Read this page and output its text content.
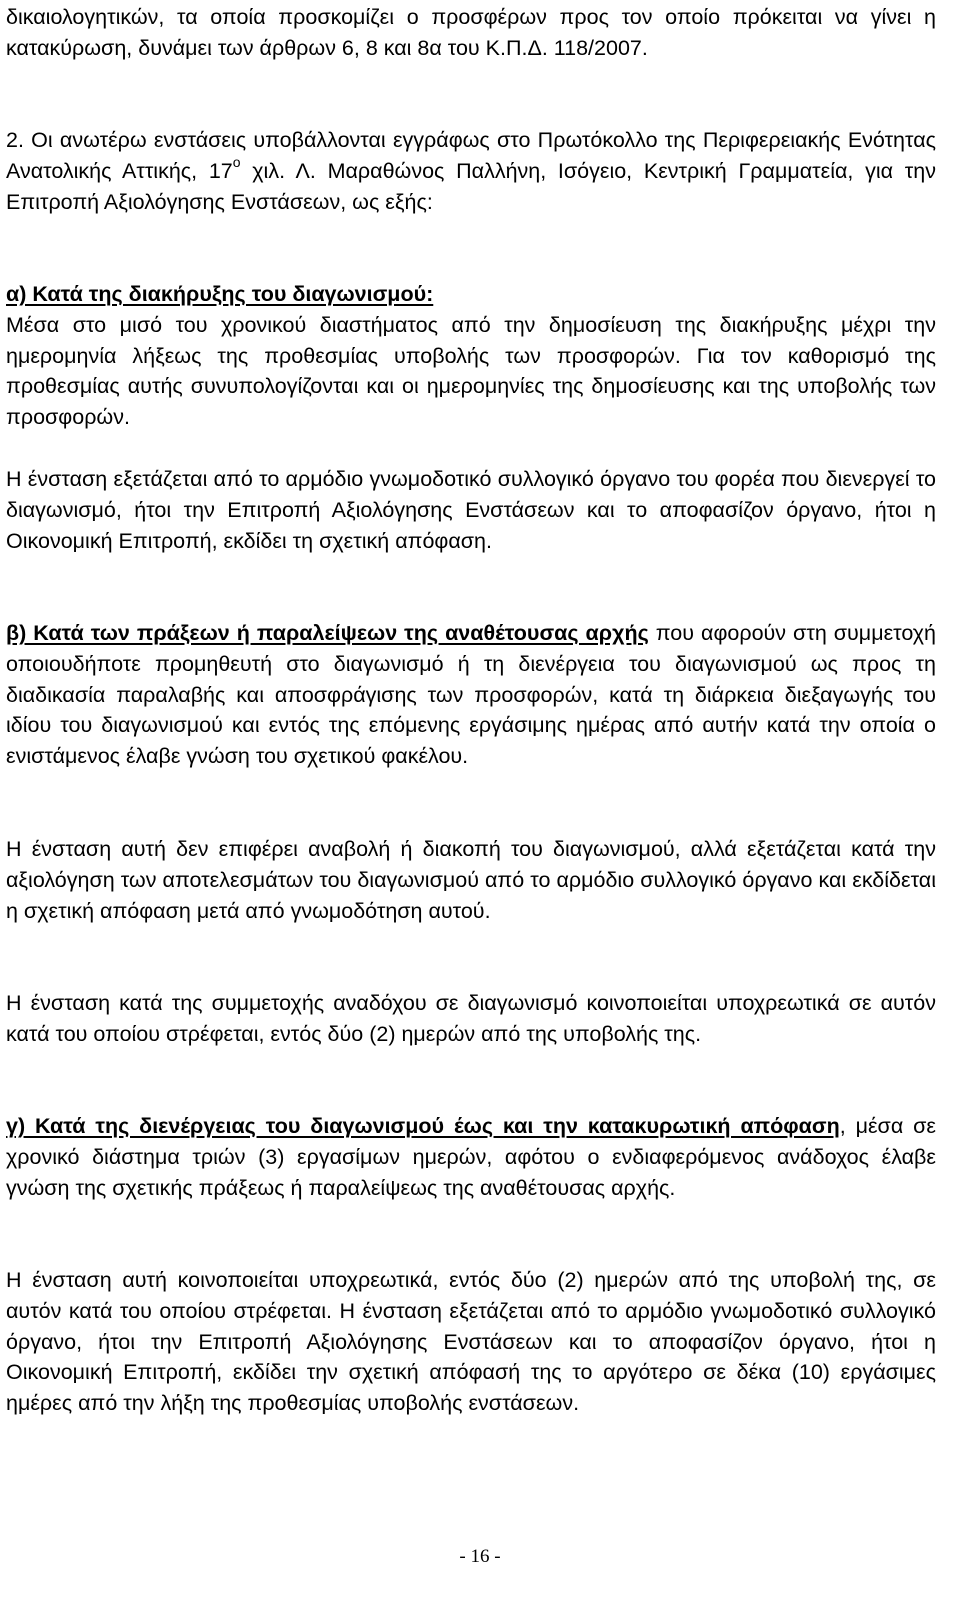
δικαιολογητικών, τα οποία προσκομίζει ο προσφέρων προς τον οποίο πρόκειται να γίνει η κατακύρωση, δυνάμει των άρθρων 6, 8 και 8α του Κ.Π.Δ. 118/2007.

2. Οι ανωτέρω ενστάσεις υποβάλλονται εγγράφως στο Πρωτόκολλο της Περιφερειακής Ενότητας Ανατολικής Αττικής, $17^o$ χιλ. Λ. Μαραθώνος Παλλήνη, Ισόγειο, Κεντρική Γραμματεία, για την Επιτροπή Αξιολόγησης Ενστάσεων, ως εξής:

α) Κατά της διακήρυξης του διαγωνισμού:
Μέσα στο μισό του χρονικού διαστήματος από την δημοσίευση της διακήρυξης μέχρι την ημερομηνία λήξεως της προθεσμίας υποβολής των προσφορών. Για τον καθορισμό της προθεσμίας αυτής συνυπολογίζονται και οι ημερομηνίες της δημοσίευσης και της υποβολής των προσφορών.

Η ένσταση εξετάζεται από το αρμόδιο γνωμοδοτικό συλλογικό όργανο του φορέα που διενεργεί το διαγωνισμό, ήτοι την Επιτροπή Αξιολόγησης Ενστάσεων και το αποφασίζον όργανο, ήτοι η Οικονομική Επιτροπή, εκδίδει τη σχετική απόφαση.

β) Κατά των πράξεων ή παραλείψεων της αναθέτουσας αρχής που αφορούν στη συμμετοχή οποιουδήποτε προμηθευτή στο διαγωνισμό ή τη διενέργεια του διαγωνισμού ως προς τη διαδικασία παραλαβής και αποσφράγισης των προσφορών, κατά τη διάρκεια διεξαγωγής του ιδίου του διαγωνισμού και εντός της επόμενης εργάσιμης ημέρας από αυτήν κατά την οποία ο ενιστάμενος έλαβε γνώση του σχετικού φακέλου.

Η ένσταση αυτή δεν επιφέρει αναβολή ή διακοπή του διαγωνισμού, αλλά εξετάζεται κατά την αξιολόγηση των αποτελεσμάτων του διαγωνισμού από το αρμόδιο συλλογικό όργανο και εκδίδεται η σχετική απόφαση μετά από γνωμοδότηση αυτού.

Η ένσταση κατά της συμμετοχής αναδόχου σε διαγωνισμό κοινοποιείται υποχρεωτικά σε αυτόν κατά του οποίου στρέφεται, εντός δύο (2) ημερών από της υποβολής της.

γ) Κατά της διενέργειας του διαγωνισμού έως και την κατακυρωτική απόφαση, μέσα σε χρονικό διάστημα τριών (3) εργασίμων ημερών, αφότου ο ενδιαφερόμενος ανάδοχος έλαβε γνώση της σχετικής πράξεως ή παραλείψεως της αναθέτουσας αρχής.

Η ένσταση αυτή κοινοποιείται υποχρεωτικά, εντός δύο (2) ημερών από της υποβολή της, σε αυτόν κατά του οποίου στρέφεται. Η ένσταση εξετάζεται από το αρμόδιο γνωμοδοτικό συλλογικό όργανο, ήτοι την Επιτροπή Αξιολόγησης Ενστάσεων και το αποφασίζον όργανο, ήτοι η Οικονομική Επιτροπή, εκδίδει την σχετική απόφασή της το αργότερο σε δέκα (10) εργάσιμες ημέρες από την λήξη της προθεσμίας υποβολής ενστάσεων.

- 16 -
